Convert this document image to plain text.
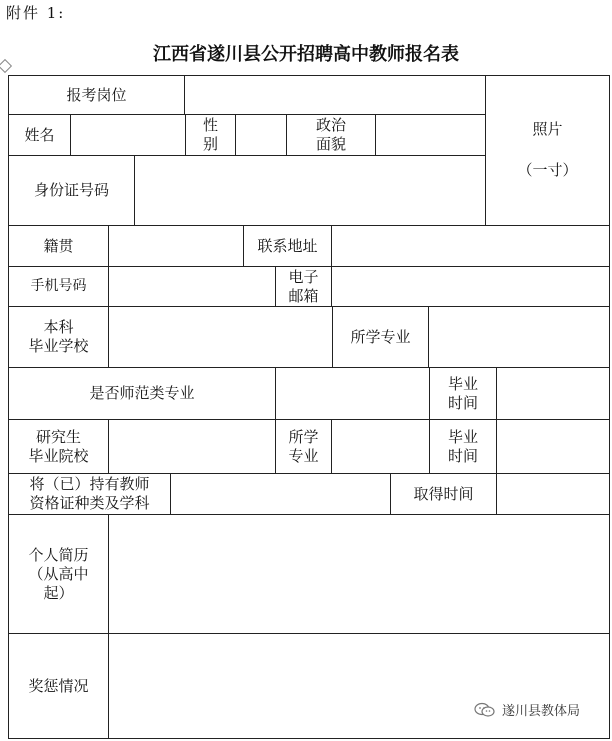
附件 1:
江西省遂川县公开招聘高中教师报名表
报考岗位
照片
（一寸）
姓名
性
别
政治
面貌
身份证号码
籍贯	联系地址
手机号码
电子
邮箱
本科
毕业学校
所学专业
是否师范类专业
毕业
时间
研究生
毕业院校
所学
专业
毕业
时间
将（已）持有教师
资格证种类及学科
取得时间
个人简历
（从高中
起）
奖惩情况
遂川县教体局
